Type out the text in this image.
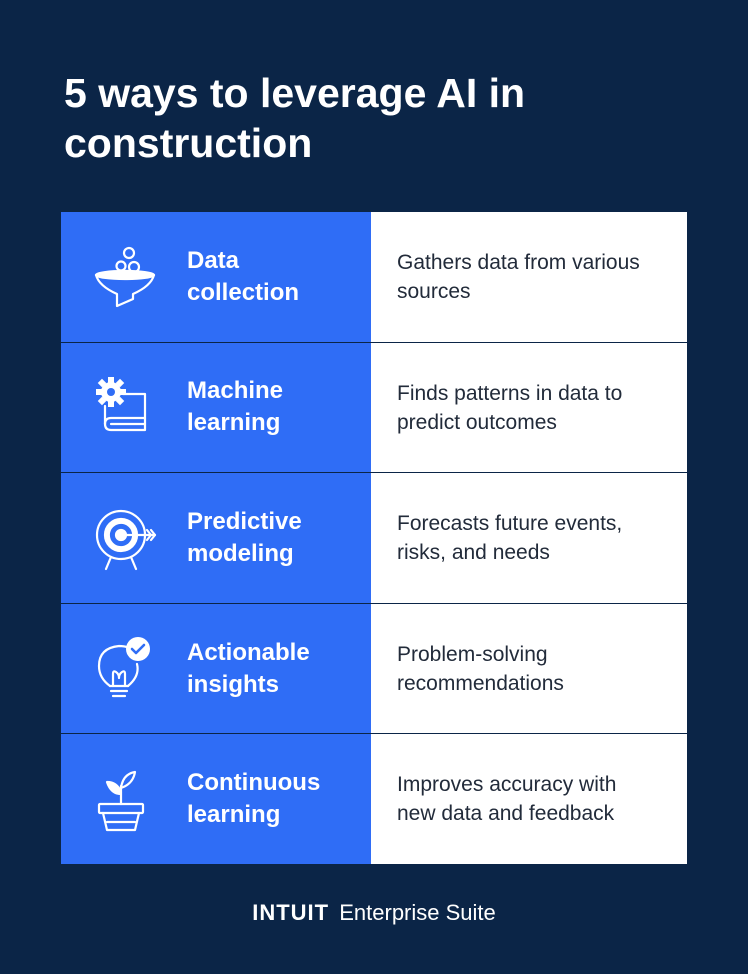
5 ways to leverage AI in construction
Data collection
Gathers data from various sources
Machine learning
Finds patterns in data to predict outcomes
Predictive modeling
Forecasts future events, risks, and needs
Actionable insights
Problem-solving recommendations
Continuous learning
Improves accuracy with new data and feedback
INTUIT Enterprise Suite
